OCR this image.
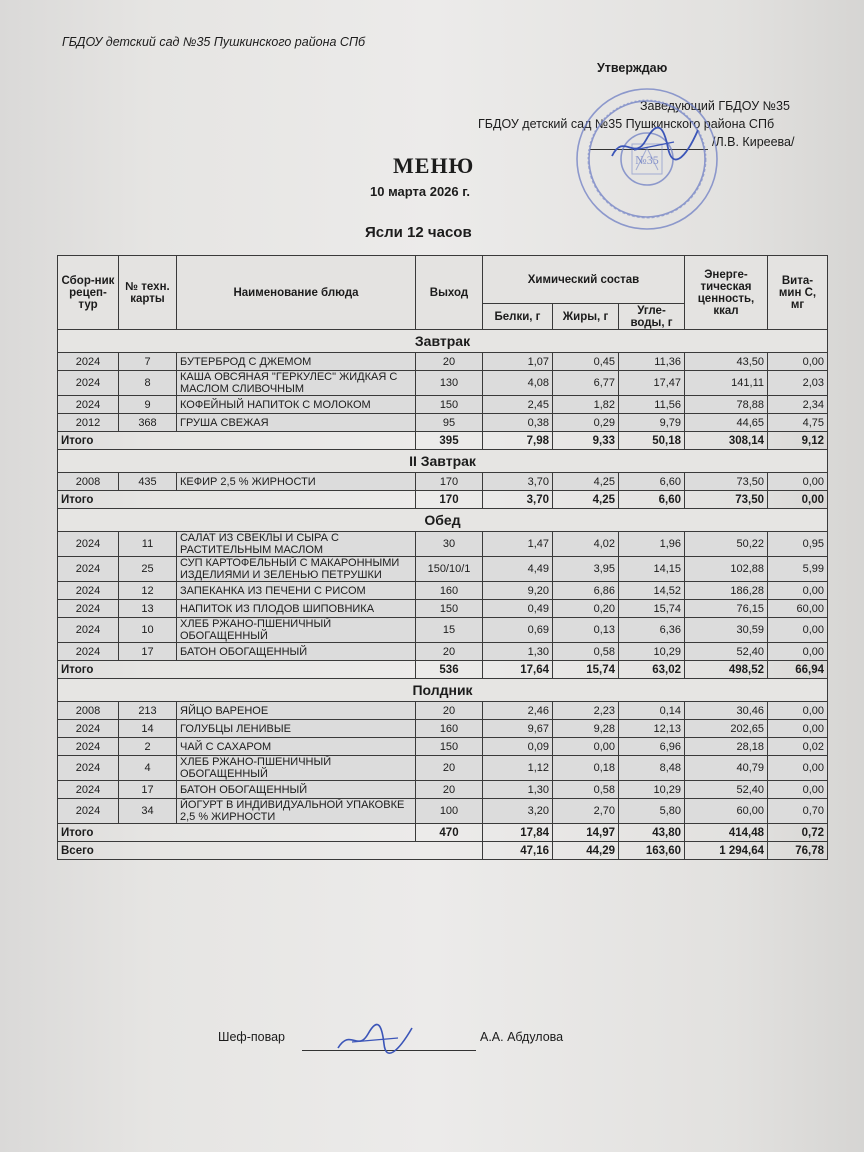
ГБДОУ детский сад №35 Пушкинского района СПб
Утверждаю
Заведующий ГБДОУ №35
ГБДОУ детский сад №35 Пушкинского района СПб
/Л.В. Киреева/
№35
МЕНЮ
10 марта 2026 г.
Ясли 12 часов
Сбор-ник рецеп-тур	№ техн. карты	Наименование блюда	Выход	Химический состав			Энерге-тическая ценность, ккал	Вита-мин С, мг
				Белки, г	Жиры, г	Угле-воды, г		
Завтрак								
2024	7	БУТЕРБРОД С ДЖЕМОМ	20	1,07	0,45	11,36	43,50	0,00
2024	8	КАША ОВСЯНАЯ "ГЕРКУЛЕС" ЖИДКАЯ С МАСЛОМ СЛИВОЧНЫМ	130	4,08	6,77	17,47	141,11	2,03
2024	9	КОФЕЙНЫЙ НАПИТОК С МОЛОКОМ	150	2,45	1,82	11,56	78,88	2,34
2012	368	ГРУША СВЕЖАЯ	95	0,38	0,29	9,79	44,65	4,75
Итого			395	7,98	9,33	50,18	308,14	9,12
II Завтрак								
2008	435	КЕФИР 2,5 % ЖИРНОСТИ	170	3,70	4,25	6,60	73,50	0,00
Итого			170	3,70	4,25	6,60	73,50	0,00
Обед								
2024	11	САЛАТ ИЗ СВЕКЛЫ И СЫРА С РАСТИТЕЛЬНЫМ МАСЛОМ	30	1,47	4,02	1,96	50,22	0,95
2024	25	СУП КАРТОФЕЛЬНЫЙ С МАКАРОННЫМИ ИЗДЕЛИЯМИ И ЗЕЛЕНЬЮ ПЕТРУШКИ	150/10/1	4,49	3,95	14,15	102,88	5,99
2024	12	ЗАПЕКАНКА ИЗ ПЕЧЕНИ С РИСОМ	160	9,20	6,86	14,52	186,28	0,00
2024	13	НАПИТОК ИЗ ПЛОДОВ ШИПОВНИКА	150	0,49	0,20	15,74	76,15	60,00
2024	10	ХЛЕБ РЖАНО-ПШЕНИЧНЫЙ ОБОГАЩЕННЫЙ	15	0,69	0,13	6,36	30,59	0,00
2024	17	БАТОН ОБОГАЩЕННЫЙ	20	1,30	0,58	10,29	52,40	0,00
Итого			536	17,64	15,74	63,02	498,52	66,94
Полдник								
2008	213	ЯЙЦО ВАРЕНОЕ	20	2,46	2,23	0,14	30,46	0,00
2024	14	ГОЛУБЦЫ ЛЕНИВЫЕ	160	9,67	9,28	12,13	202,65	0,00
2024	2	ЧАЙ С САХАРОМ	150	0,09	0,00	6,96	28,18	0,02
2024	4	ХЛЕБ РЖАНО-ПШЕНИЧНЫЙ ОБОГАЩЕННЫЙ	20	1,12	0,18	8,48	40,79	0,00
2024	17	БАТОН ОБОГАЩЕННЫЙ	20	1,30	0,58	10,29	52,40	0,00
2024	34	ЙОГУРТ В ИНДИВИДУАЛЬНОЙ УПАКОВКЕ 2,5 % ЖИРНОСТИ	100	3,20	2,70	5,80	60,00	0,70
Итого			470	17,84	14,97	43,80	414,48	0,72
Всего				47,16	44,29	163,60	1 294,64	76,78
Шеф-повар	А.А. Абдулова
